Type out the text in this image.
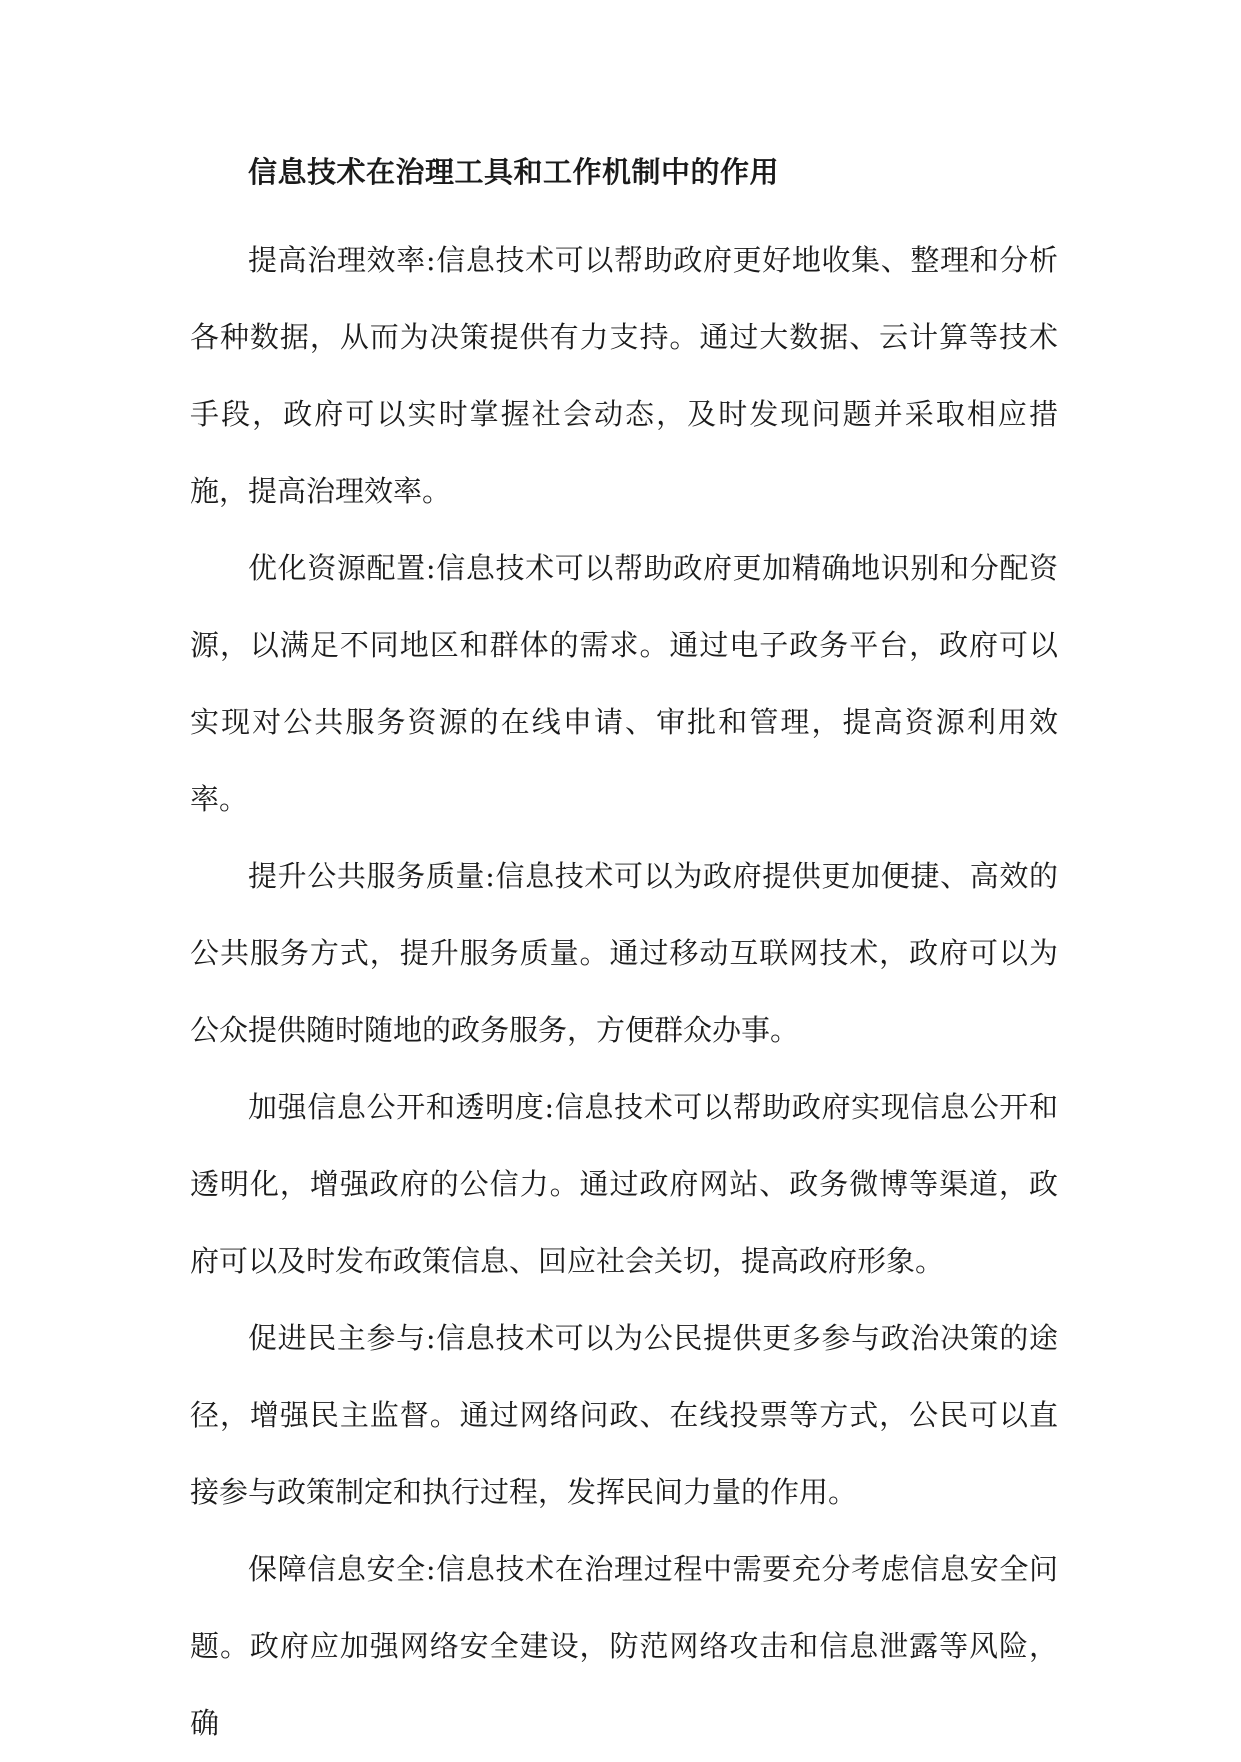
信息技术在治理工具和工作机制中的作用

提高治理效率:信息技术可以帮助政府更好地收集、整理和分析各种数据，从而为决策提供有力支持。通过大数据、云计算等技术手段，政府可以实时掌握社会动态，及时发现问题并采取相应措施，提高治理效率。

优化资源配置:信息技术可以帮助政府更加精确地识别和分配资源，以满足不同地区和群体的需求。通过电子政务平台，政府可以实现对公共服务资源的在线申请、审批和管理，提高资源利用效率。

提升公共服务质量:信息技术可以为政府提供更加便捷、高效的公共服务方式，提升服务质量。通过移动互联网技术，政府可以为公众提供随时随地的政务服务，方便群众办事。

加强信息公开和透明度:信息技术可以帮助政府实现信息公开和透明化，增强政府的公信力。通过政府网站、政务微博等渠道，政府可以及时发布政策信息、回应社会关切，提高政府形象。

促进民主参与:信息技术可以为公民提供更多参与政治决策的途径，增强民主监督。通过网络问政、在线投票等方式，公民可以直接参与政策制定和执行过程，发挥民间力量的作用。

保障信息安全:信息技术在治理过程中需要充分考虑信息安全问题。政府应加强网络安全建设，防范网络攻击和信息泄露等风险，确
